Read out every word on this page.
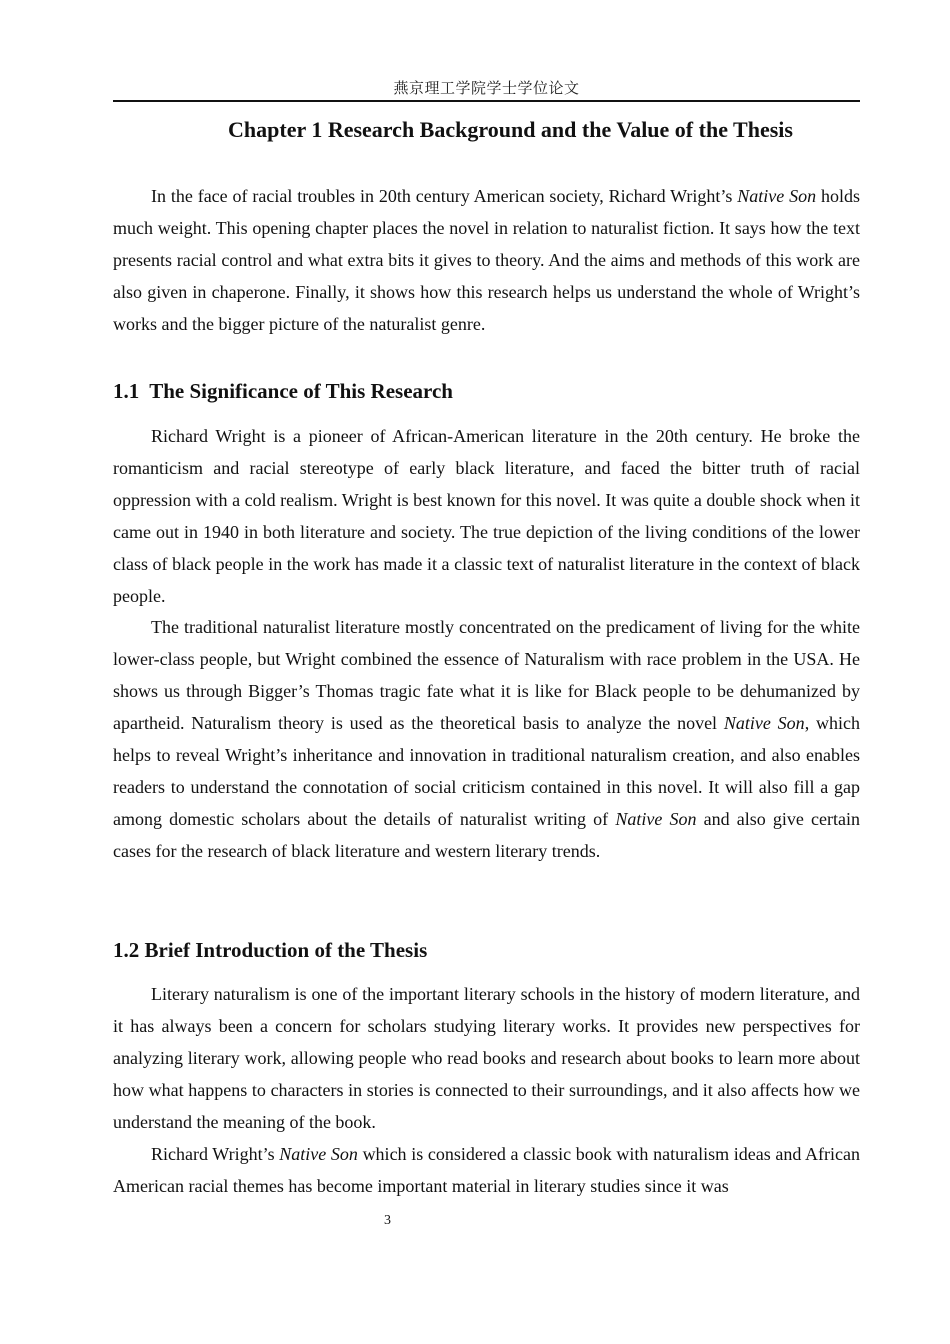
燕京理工学院学士学位论文
Chapter 1 Research Background and the Value of the Thesis

In the face of racial troubles in 20th century American society, Richard Wright’s Native Son holds much weight. This opening chapter places the novel in relation to naturalist fiction. It says how the text presents racial control and what extra bits it gives to theory. And the aims and methods of this work are also given in chaperone. Finally, it shows how this research helps us understand the whole of Wright’s works and the bigger picture of the naturalist genre.

1.1 The Significance of This Research

Richard Wright is a pioneer of African-American literature in the 20th century. He broke the romanticism and racial stereotype of early black literature, and faced the bitter truth of racial oppression with a cold realism. Wright is best known for this novel. It was quite a double shock when it came out in 1940 in both literature and society. The true depiction of the living conditions of the lower class of black people in the work has made it a classic text of naturalist literature in the context of black people.

The traditional naturalist literature mostly concentrated on the predicament of living for the white lower-class people, but Wright combined the essence of Naturalism with race problem in the USA. He shows us through Bigger’s Thomas tragic fate what it is like for Black people to be dehumanized by apartheid. Naturalism theory is used as the theoretical basis to analyze the novel Native Son, which helps to reveal Wright’s inheritance and innovation in traditional naturalism creation, and also enables readers to understand the connotation of social criticism contained in this novel. It will also fill a gap among domestic scholars about the details of naturalist writing of Native Son and also give certain cases for the research of black literature and western literary trends.

1.2 Brief Introduction of the Thesis

Literary naturalism is one of the important literary schools in the history of modern literature, and it has always been a concern for scholars studying literary works. It provides new perspectives for analyzing literary work, allowing people who read books and research about books to learn more about how what happens to characters in stories is connected to their surroundings, and it also affects how we understand the meaning of the book.

Richard Wright’s Native Son which is considered a classic book with naturalism ideas and African American racial themes has become important material in literary studies since it was

3
